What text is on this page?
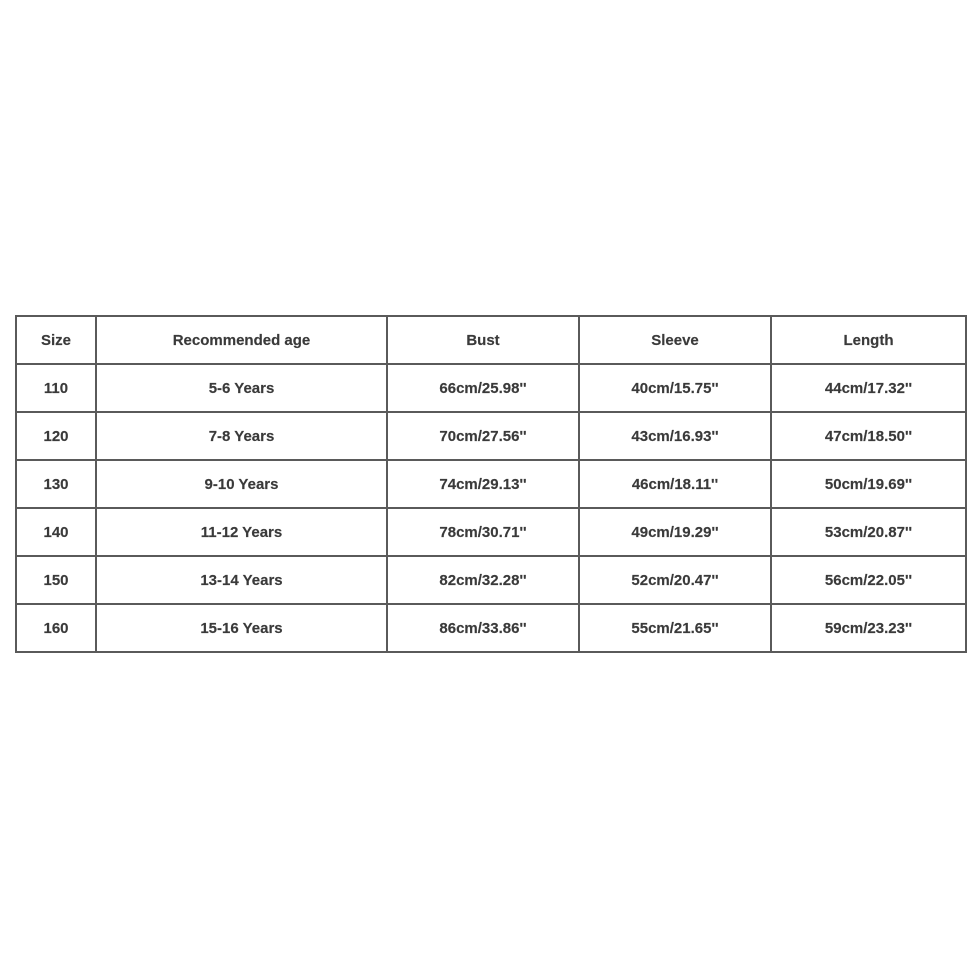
Size	Recommended age	Bust	Sleeve	Length
110	5-6 Years	66cm/25.98''	40cm/15.75''	44cm/17.32''
120	7-8 Years	70cm/27.56''	43cm/16.93''	47cm/18.50''
130	9-10 Years	74cm/29.13''	46cm/18.11''	50cm/19.69''
140	11-12 Years	78cm/30.71''	49cm/19.29''	53cm/20.87''
150	13-14 Years	82cm/32.28''	52cm/20.47''	56cm/22.05''
160	15-16 Years	86cm/33.86''	55cm/21.65''	59cm/23.23''
